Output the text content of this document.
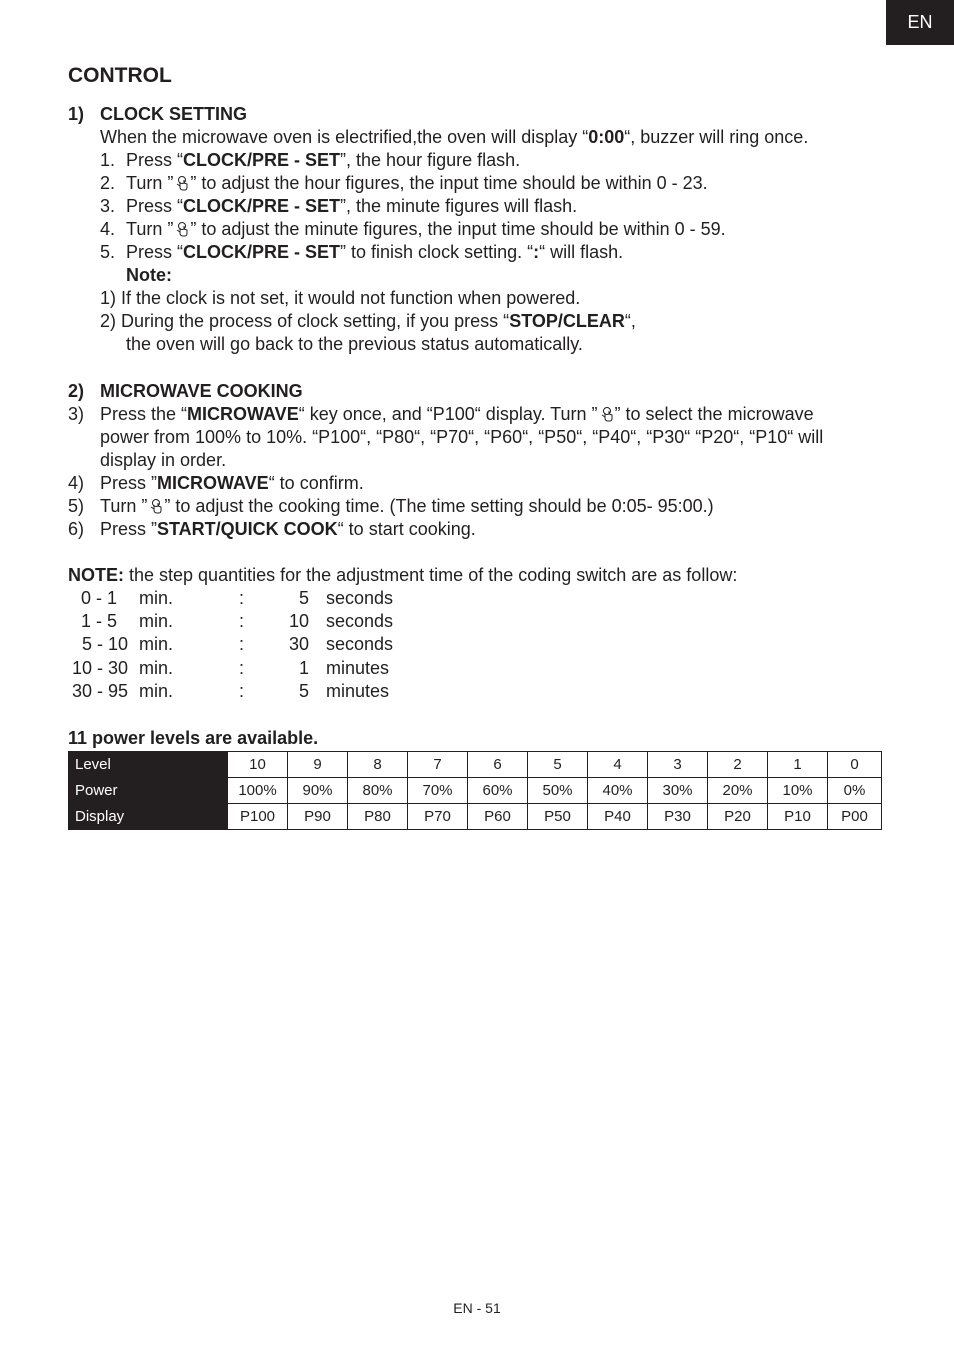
EN
CONTROL
1) CLOCK SETTING
When the microwave oven is electrified,the oven will display “0:00“, buzzer will ring once.
1. Press “CLOCK/PRE - SET”, the hour figure flash.
2. Turn ” ” to adjust the hour figures, the input time should be within 0 - 23.
3. Press “CLOCK/PRE - SET”, the minute figures will flash.
4. Turn ” ” to adjust the minute figures, the input time should be within 0 - 59.
5. Press “CLOCK/PRE - SET” to finish clock setting. “:“ will flash.
Note:
1) If the clock is not set, it would not function when powered.
2) During the process of clock setting, if you press “STOP/CLEAR“,
the oven will go back to the previous status automatically.
2) MICROWAVE COOKING
3) Press the “MICROWAVE“ key once, and “P100“ display. Turn ” ” to select the microwave
power from 100% to 10%. “P100“, “P80“, “P70“, “P60“, “P50“, “P40“, “P30“ “P20“, “P10“ will
display in order.
4) Press ”MICROWAVE“ to confirm.
5) Turn ” ” to adjust the cooking time. (The time setting should be 0:05- 95:00.)
6) Press ”START/QUICK COOK“ to start cooking.
NOTE: the step quantities for the adjustment time of the coding switch are as follow:
0 - 1 min.	:	5 seconds
1 - 5 min.	: 10 seconds
5 - 10 min.	: 30 seconds
10 - 30 min.	:	1 minutes
30 - 95 min.	:	5 minutes
11 power levels are available.
Level	10	9	8	7	6	5	4	3	2	1	0
Power	100%	90%	80%	70%	60%	50%	40%	30%	20%	10%	0%
Display	P100	P90	P80	P70	P60	P50	P40	P30	P20	P10	P00
EN - 51
